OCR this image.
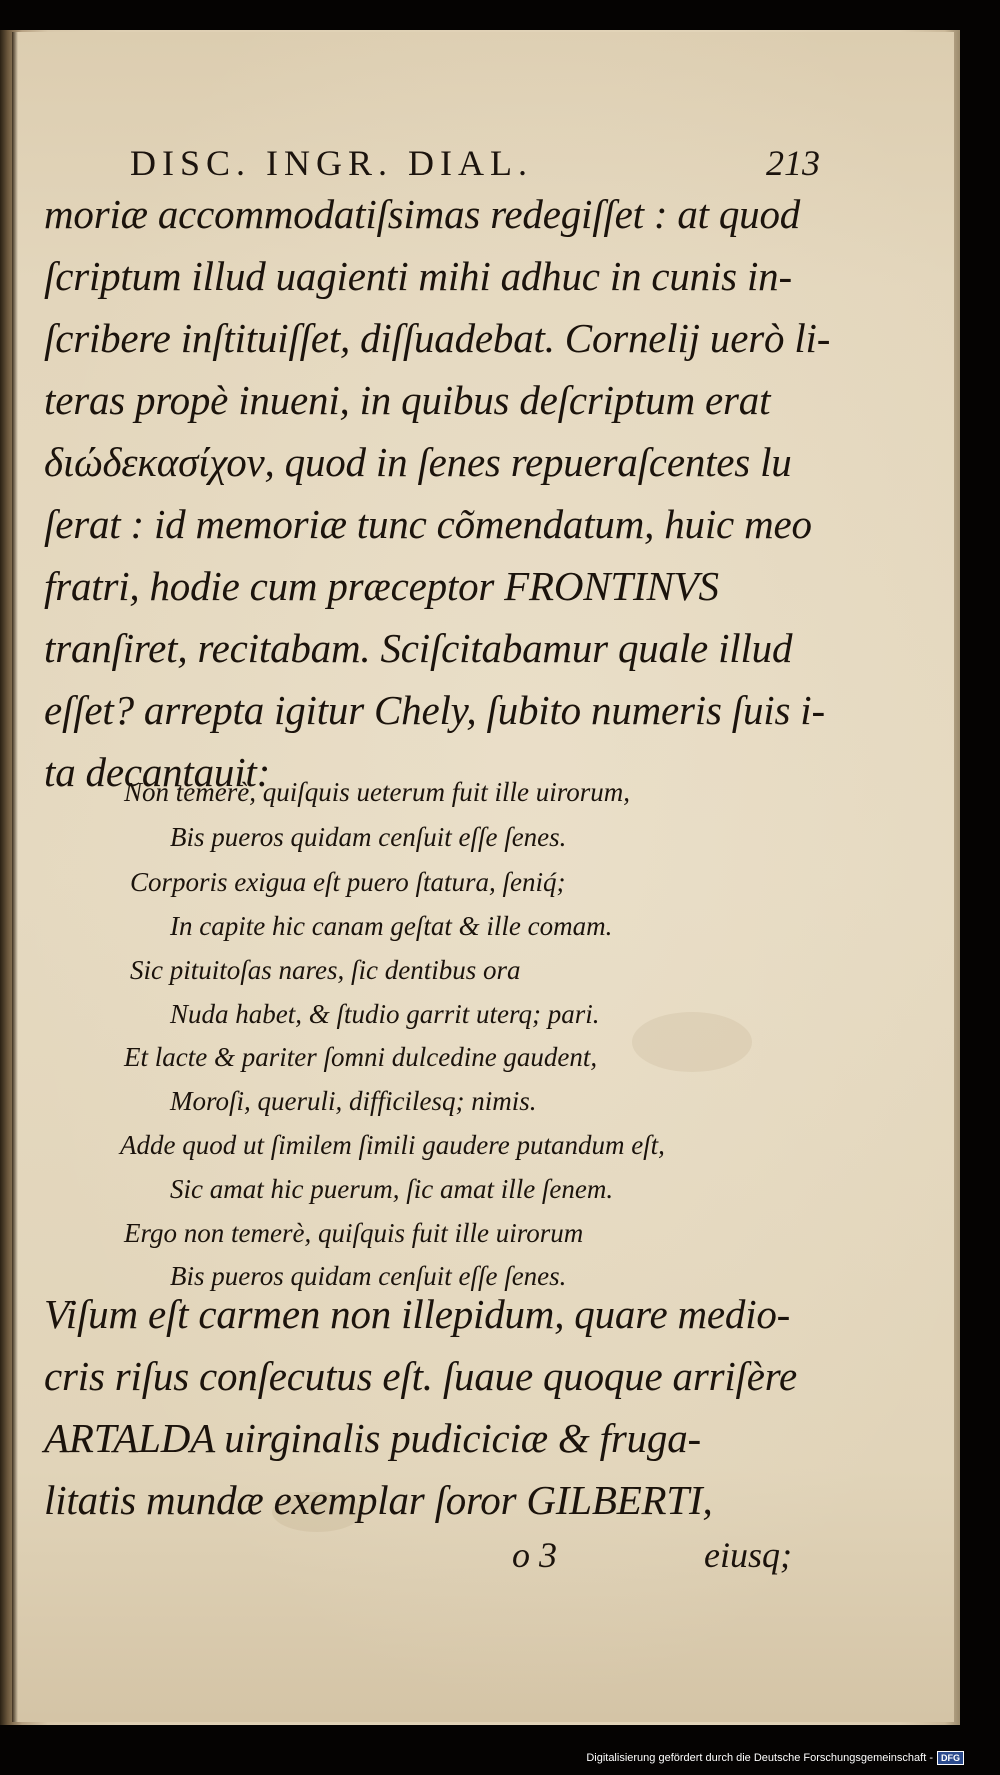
DISC. INGR. DIAL.	213
moriæ accommodatiſsimas redegiſſet : at quod
ſcriptum illud uagienti mihi adhuc in cunis in-
ſcribere inſtituiſſet, diſſuadebat. Cornelij uerò li-
teras propè inueni, in quibus deſcriptum erat
διώδεκασίχον, quod in ſenes repueraſcentes lu
ſerat : id memoriæ tunc cõmendatum, huic meo
fratri, hodie cum præceptor FRONTINVS
tranſiret, recitabam. Sciſcitabamur quale illud
eſſet? arrepta igitur Chely, ſubito numeris ſuis i-
ta decantauit:
Non temerè, quiſquis ueterum fuit ille uirorum,
Bis pueros quidam cenſuit eſſe ſenes.
Corporis exigua eſt puero ſtatura, ſeniq́;
In capite hic canam geſtat & ille comam.
Sic pituitoſas nares, ſic dentibus ora
Nuda habet, & ſtudio garrit uterq; pari.
Et lacte & pariter ſomni dulcedine gaudent,
Moroſi, queruli, difficilesq; nimis.
Adde quod ut ſimilem ſimili gaudere putandum eſt,
Sic amat hic puerum, ſic amat ille ſenem.
Ergo non temerè, quiſquis fuit ille uirorum
Bis pueros quidam cenſuit eſſe ſenes.
Viſum eſt carmen non illepidum, quare medio-
cris riſus conſecutus eſt. ſuaue quoque arriſère
ARTALDA uirginalis pudiciciæ & fruga-
litatis mundæ exemplar ſoror GILBERTI,
o 3	eiusq;
Digitalisierung gefördert durch die Deutsche Forschungsgemeinschaft - DFG
